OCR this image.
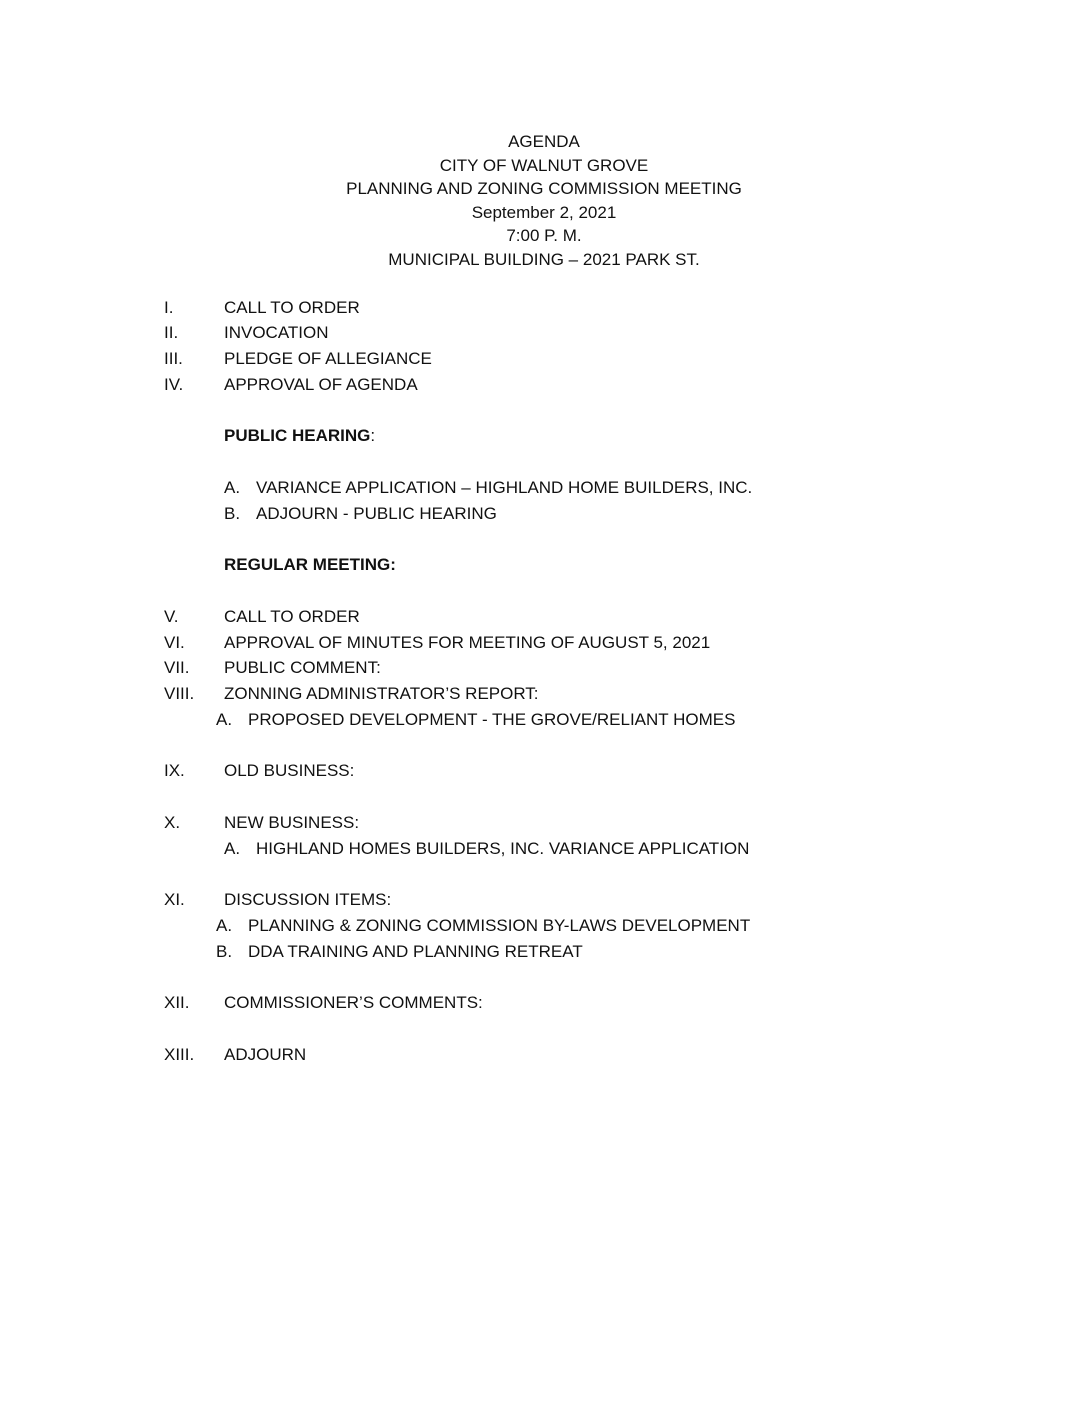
AGENDA
CITY OF WALNUT GROVE
PLANNING AND ZONING COMMISSION MEETING
September 2, 2021
7:00 P. M.
MUNICIPAL BUILDING – 2021 PARK ST.
I.	CALL TO ORDER
II.	INVOCATION
III. PLEDGE OF ALLEGIANCE
IV. APPROVAL OF AGENDA
PUBLIC HEARING:
A. VARIANCE APPLICATION – HIGHLAND HOME BUILDERS, INC.
B. ADJOURN - PUBLIC HEARING
REGULAR MEETING:
V.	CALL TO ORDER
VI. APPROVAL OF MINUTES FOR MEETING OF AUGUST 5, 2021
VII. PUBLIC COMMENT:
VIII. ZONNING ADMINISTRATOR’S REPORT:
A. PROPOSED DEVELOPMENT - THE GROVE/RELIANT HOMES
IX. OLD BUSINESS:
X.	NEW BUSINESS:
A. HIGHLAND HOMES BUILDERS, INC. VARIANCE APPLICATION
XI. DISCUSSION ITEMS:
A. PLANNING & ZONING COMMISSION BY-LAWS DEVELOPMENT
B. DDA TRAINING AND PLANNING RETREAT
XII. COMMISSIONER’S COMMENTS:
XIII. ADJOURN
